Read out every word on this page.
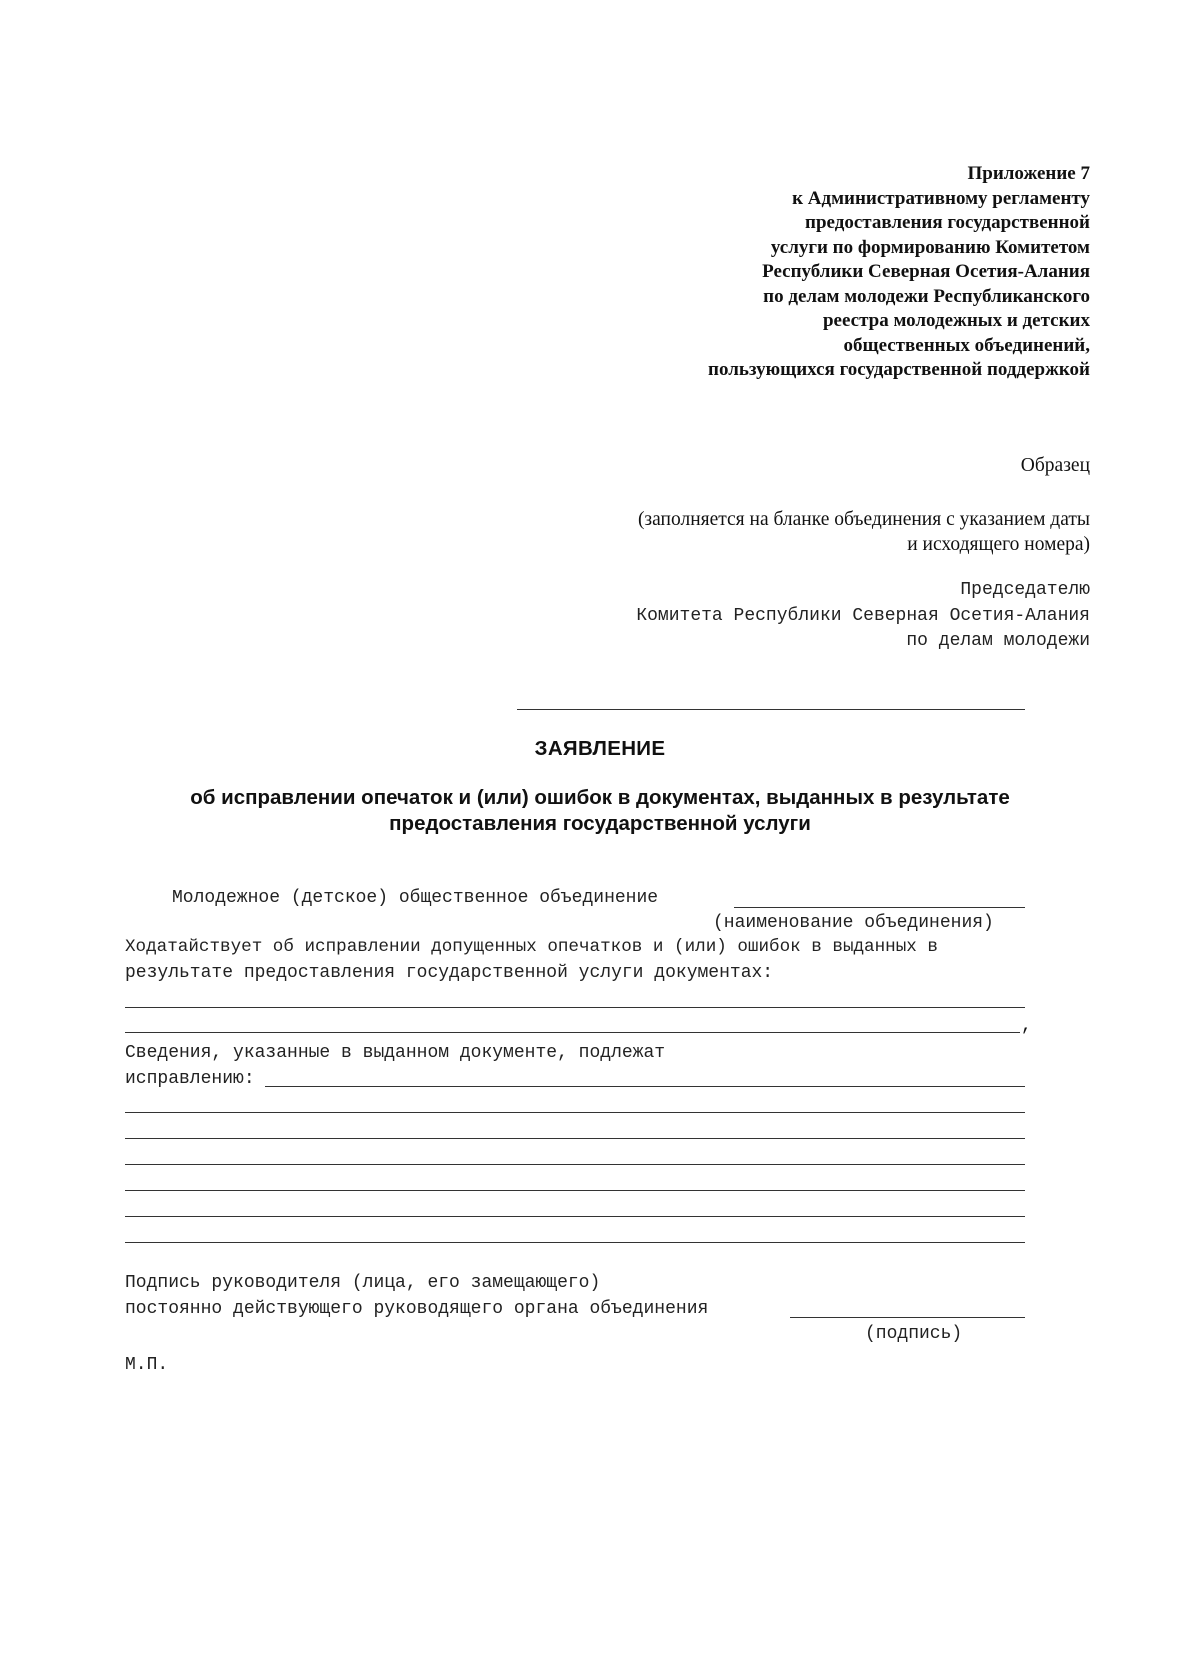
Приложение 7
к Административному регламенту
предоставления государственной
услуги по формированию Комитетом
Республики Северная Осетия-Алания
по делам молодежи Республиканского
реестра молодежных и детских
общественных объединений,
пользующихся государственной поддержкой
Образец
(заполняется на бланке объединения с указанием даты
и исходящего номера)
Председателю
Комитета Республики Северная Осетия-Алания
по делам молодежи
ЗАЯВЛЕНИЕ
об исправлении опечаток и (или) ошибок в документах, выданных в результате
предоставления государственной услуги
Молодежное (детское) общественное объединение
(наименование объединения)
Ходатайствует об исправлении допущенных опечатков и (или) ошибок в выданных в
результате предоставления государственной услуги документах:
,
Сведения, указанные в выданном документе, подлежат
исправлению:
Подпись руководителя (лица, его замещающего)
постоянно действующего руководящего органа объединения
(подпись)
М.П.
